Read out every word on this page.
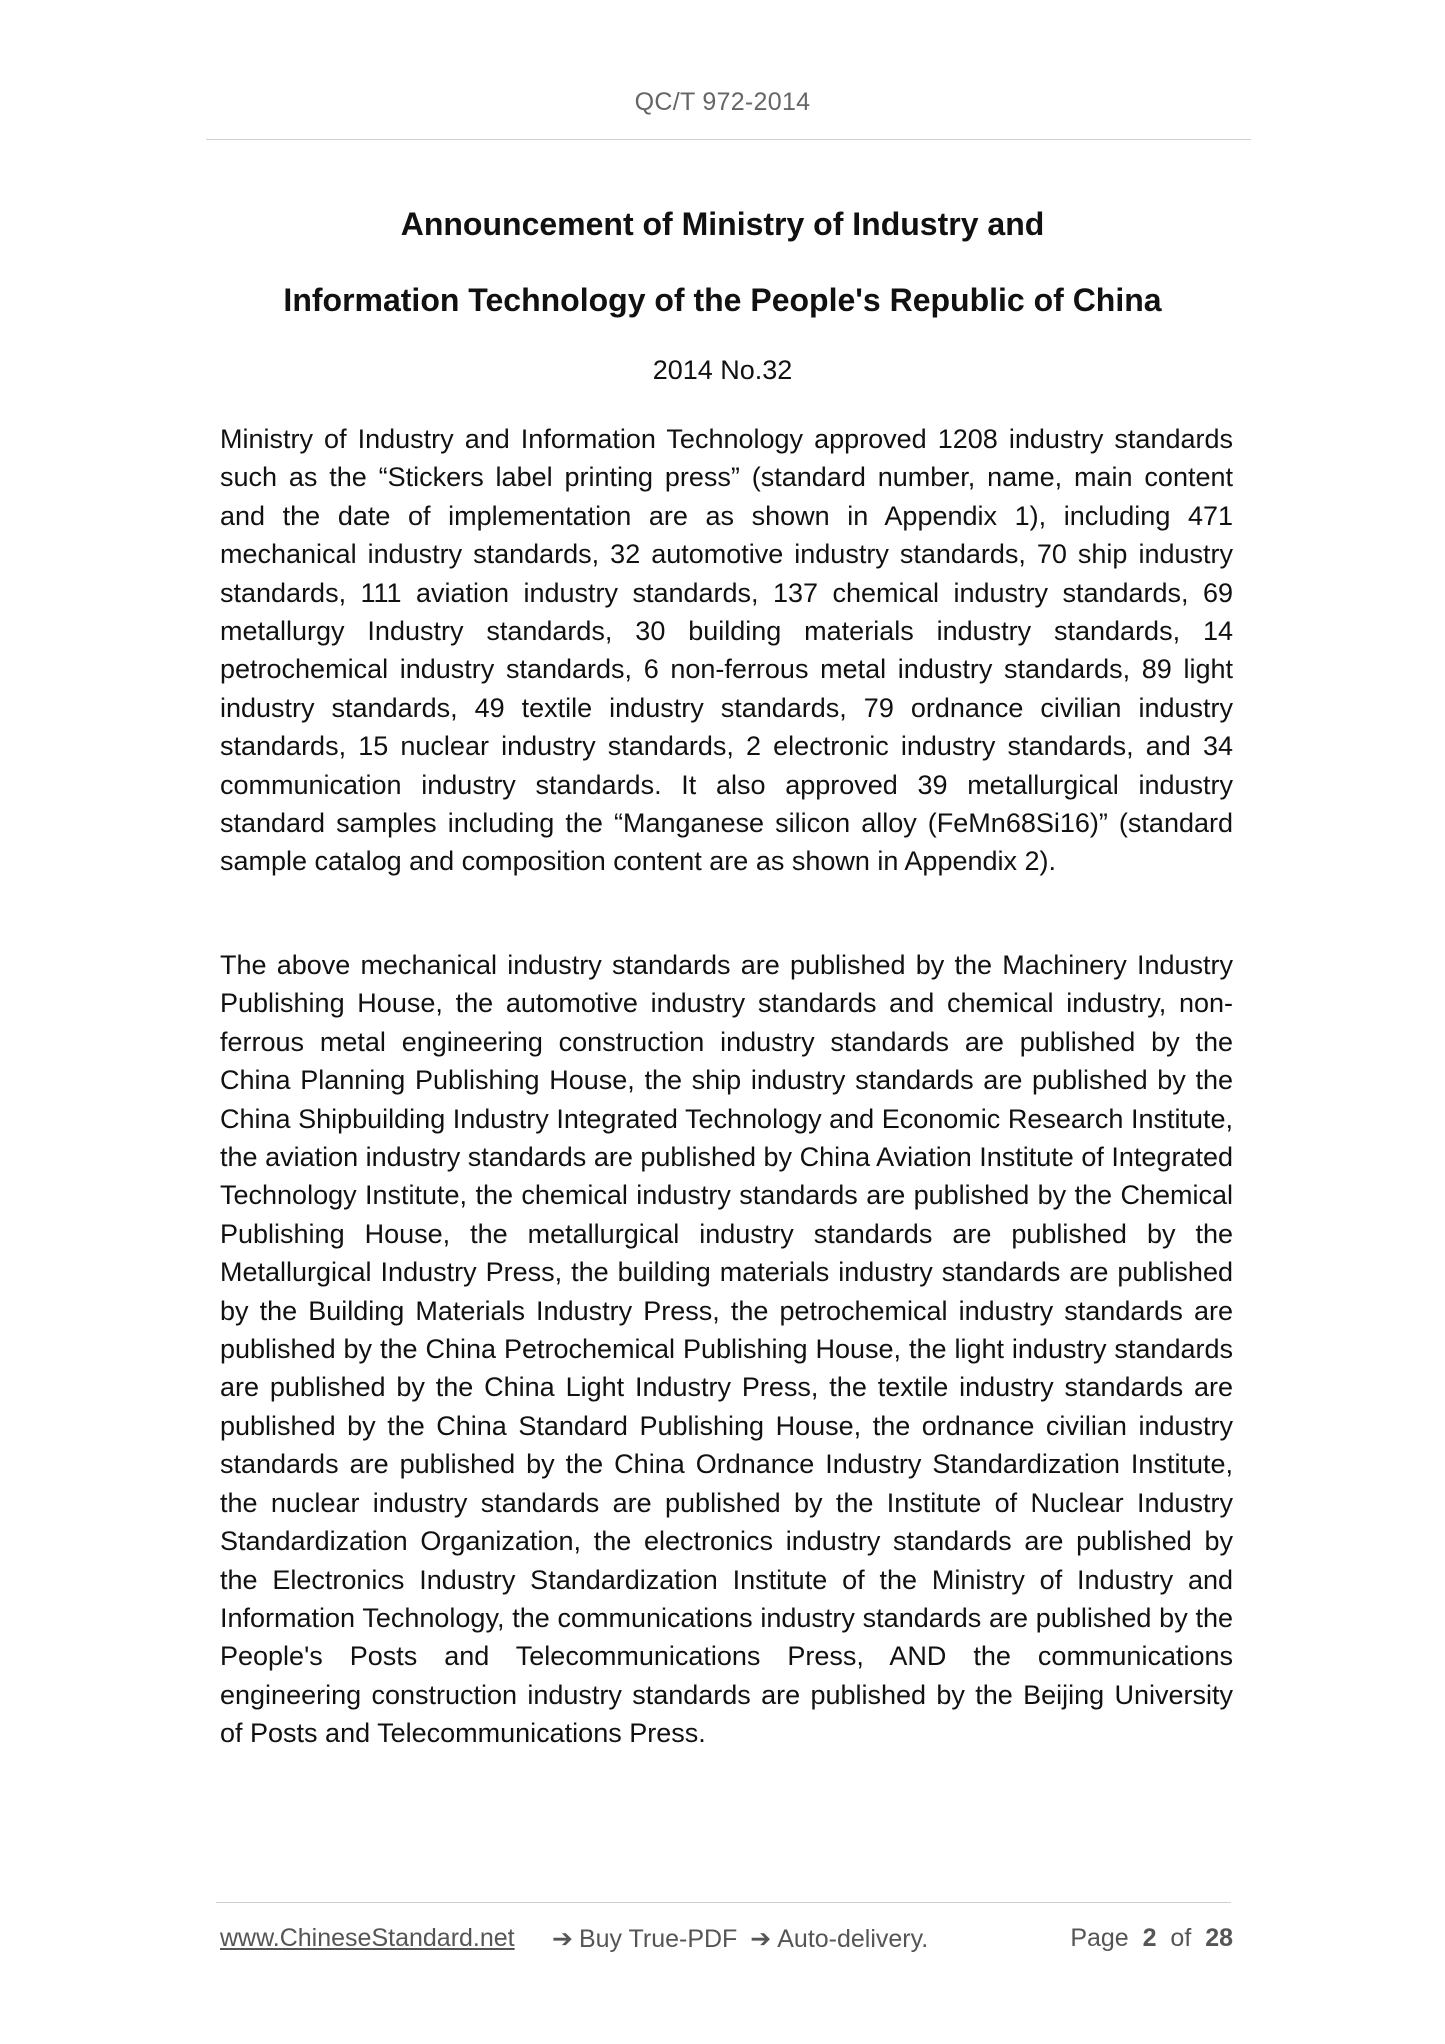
QC/T 972-2014
Announcement of Ministry of Industry and
Information Technology of the People's Republic of China
2014 No.32

Ministry of Industry and Information Technology approved 1208 industry standards such as the “Stickers label printing press” (standard number, name, main content and the date of implementation are as shown in Appendix 1), including 471 mechanical industry standards, 32 automotive industry standards, 70 ship industry standards, 111 aviation industry standards, 137 chemical industry standards, 69 metallurgy Industry standards, 30 building materials industry standards, 14 petrochemical industry standards, 6 non-ferrous metal industry standards, 89 light industry standards, 49 textile industry standards, 79 ordnance civilian industry standards, 15 nuclear industry standards, 2 electronic industry standards, and 34 communication industry standards. It also approved 39 metallurgical industry standard samples including the “Manganese silicon alloy (FeMn68Si16)” (standard sample catalog and composition content are as shown in Appendix 2).

The above mechanical industry standards are published by the Machinery Industry Publishing House, the automotive industry standards and chemical industry, non-ferrous metal engineering construction industry standards are published by the China Planning Publishing House, the ship industry standards are published by the China Shipbuilding Industry Integrated Technology and Economic Research Institute, the aviation industry standards are published by China Aviation Institute of Integrated Technology Institute, the chemical industry standards are published by the Chemical Publishing House, the metallurgical industry standards are published by the Metallurgical Industry Press, the building materials industry standards are published by the Building Materials Industry Press, the petrochemical industry standards are published by the China Petrochemical Publishing House, the light industry standards are published by the China Light Industry Press, the textile industry standards are published by the China Standard Publishing House, the ordnance civilian industry standards are published by the China Ordnance Industry Standardization Institute, the nuclear industry standards are published by the Institute of Nuclear Industry Standardization Organization, the electronics industry standards are published by the Electronics Industry Standardization Institute of the Ministry of Industry and Information Technology, the communications industry standards are published by the People's Posts and Telecommunications Press, AND the communications engineering construction industry standards are published by the Beijing University of Posts and Telecommunications Press.

www.ChineseStandard.net ➔ Buy True-PDF ➔ Auto-delivery.	Page 2 of 28
